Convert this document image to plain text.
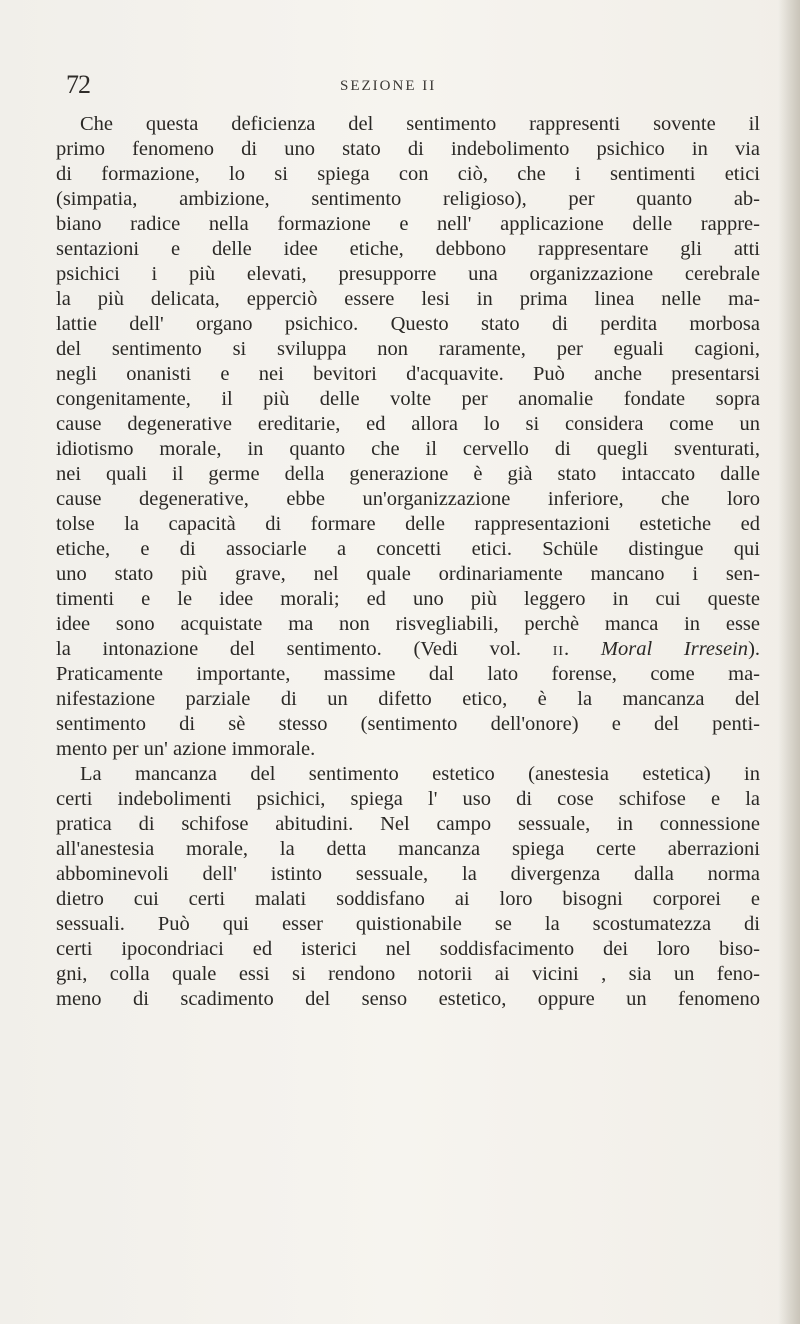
72	SEZIONE II
Che questa deficienza del sentimento rappresenti sovente il
primo fenomeno di uno stato di indebolimento psichico in via
di formazione, lo si spiega con ciò, che i sentimenti etici
(simpatia, ambizione, sentimento religioso), per quanto ab-
biano radice nella formazione e nell' applicazione delle rappre-
sentazioni e delle idee etiche, debbono rappresentare gli atti
psichici i più elevati, presupporre una organizzazione cerebrale
la più delicata, epperciò essere lesi in prima linea nelle ma-
lattie dell' organo psichico. Questo stato di perdita morbosa
del sentimento si sviluppa non raramente, per eguali cagioni,
negli onanisti e nei bevitori d'acquavite. Può anche presentarsi
congenitamente, il più delle volte per anomalie fondate sopra
cause degenerative ereditarie, ed allora lo si considera come un
idiotismo morale, in quanto che il cervello di quegli sventurati,
nei quali il germe della generazione è già stato intaccato dalle
cause degenerative, ebbe un'organizzazione inferiore, che loro
tolse la capacità di formare delle rappresentazioni estetiche ed
etiche, e di associarle a concetti etici. Schüle distingue qui
uno stato più grave, nel quale ordinariamente mancano i sen-
timenti e le idee morali; ed uno più leggero in cui queste
idee sono acquistate ma non risvegliabili, perchè manca in esse
la intonazione del sentimento. (Vedi vol. II. Moral Irresein).
Praticamente importante, massime dal lato forense, come ma-
nifestazione parziale di un difetto etico, è la mancanza del
sentimento di sè stesso (sentimento dell'onore) e del penti-
mento per un' azione immorale.
La mancanza del sentimento estetico (anestesia estetica) in
certi indebolimenti psichici, spiega l' uso di cose schifose e la
pratica di schifose abitudini. Nel campo sessuale, in connessione
all'anestesia morale, la detta mancanza spiega certe aberrazioni
abbominevoli dell' istinto sessuale, la divergenza dalla norma
dietro cui certi malati soddisfano ai loro bisogni corporei e
sessuali. Può qui esser quistionabile se la scostumatezza di
certi ipocondriaci ed isterici nel soddisfacimento dei loro biso-
gni, colla quale essi si rendono notorii ai vicini , sia un feno-
meno di scadimento del senso estetico, oppure un fenomeno
